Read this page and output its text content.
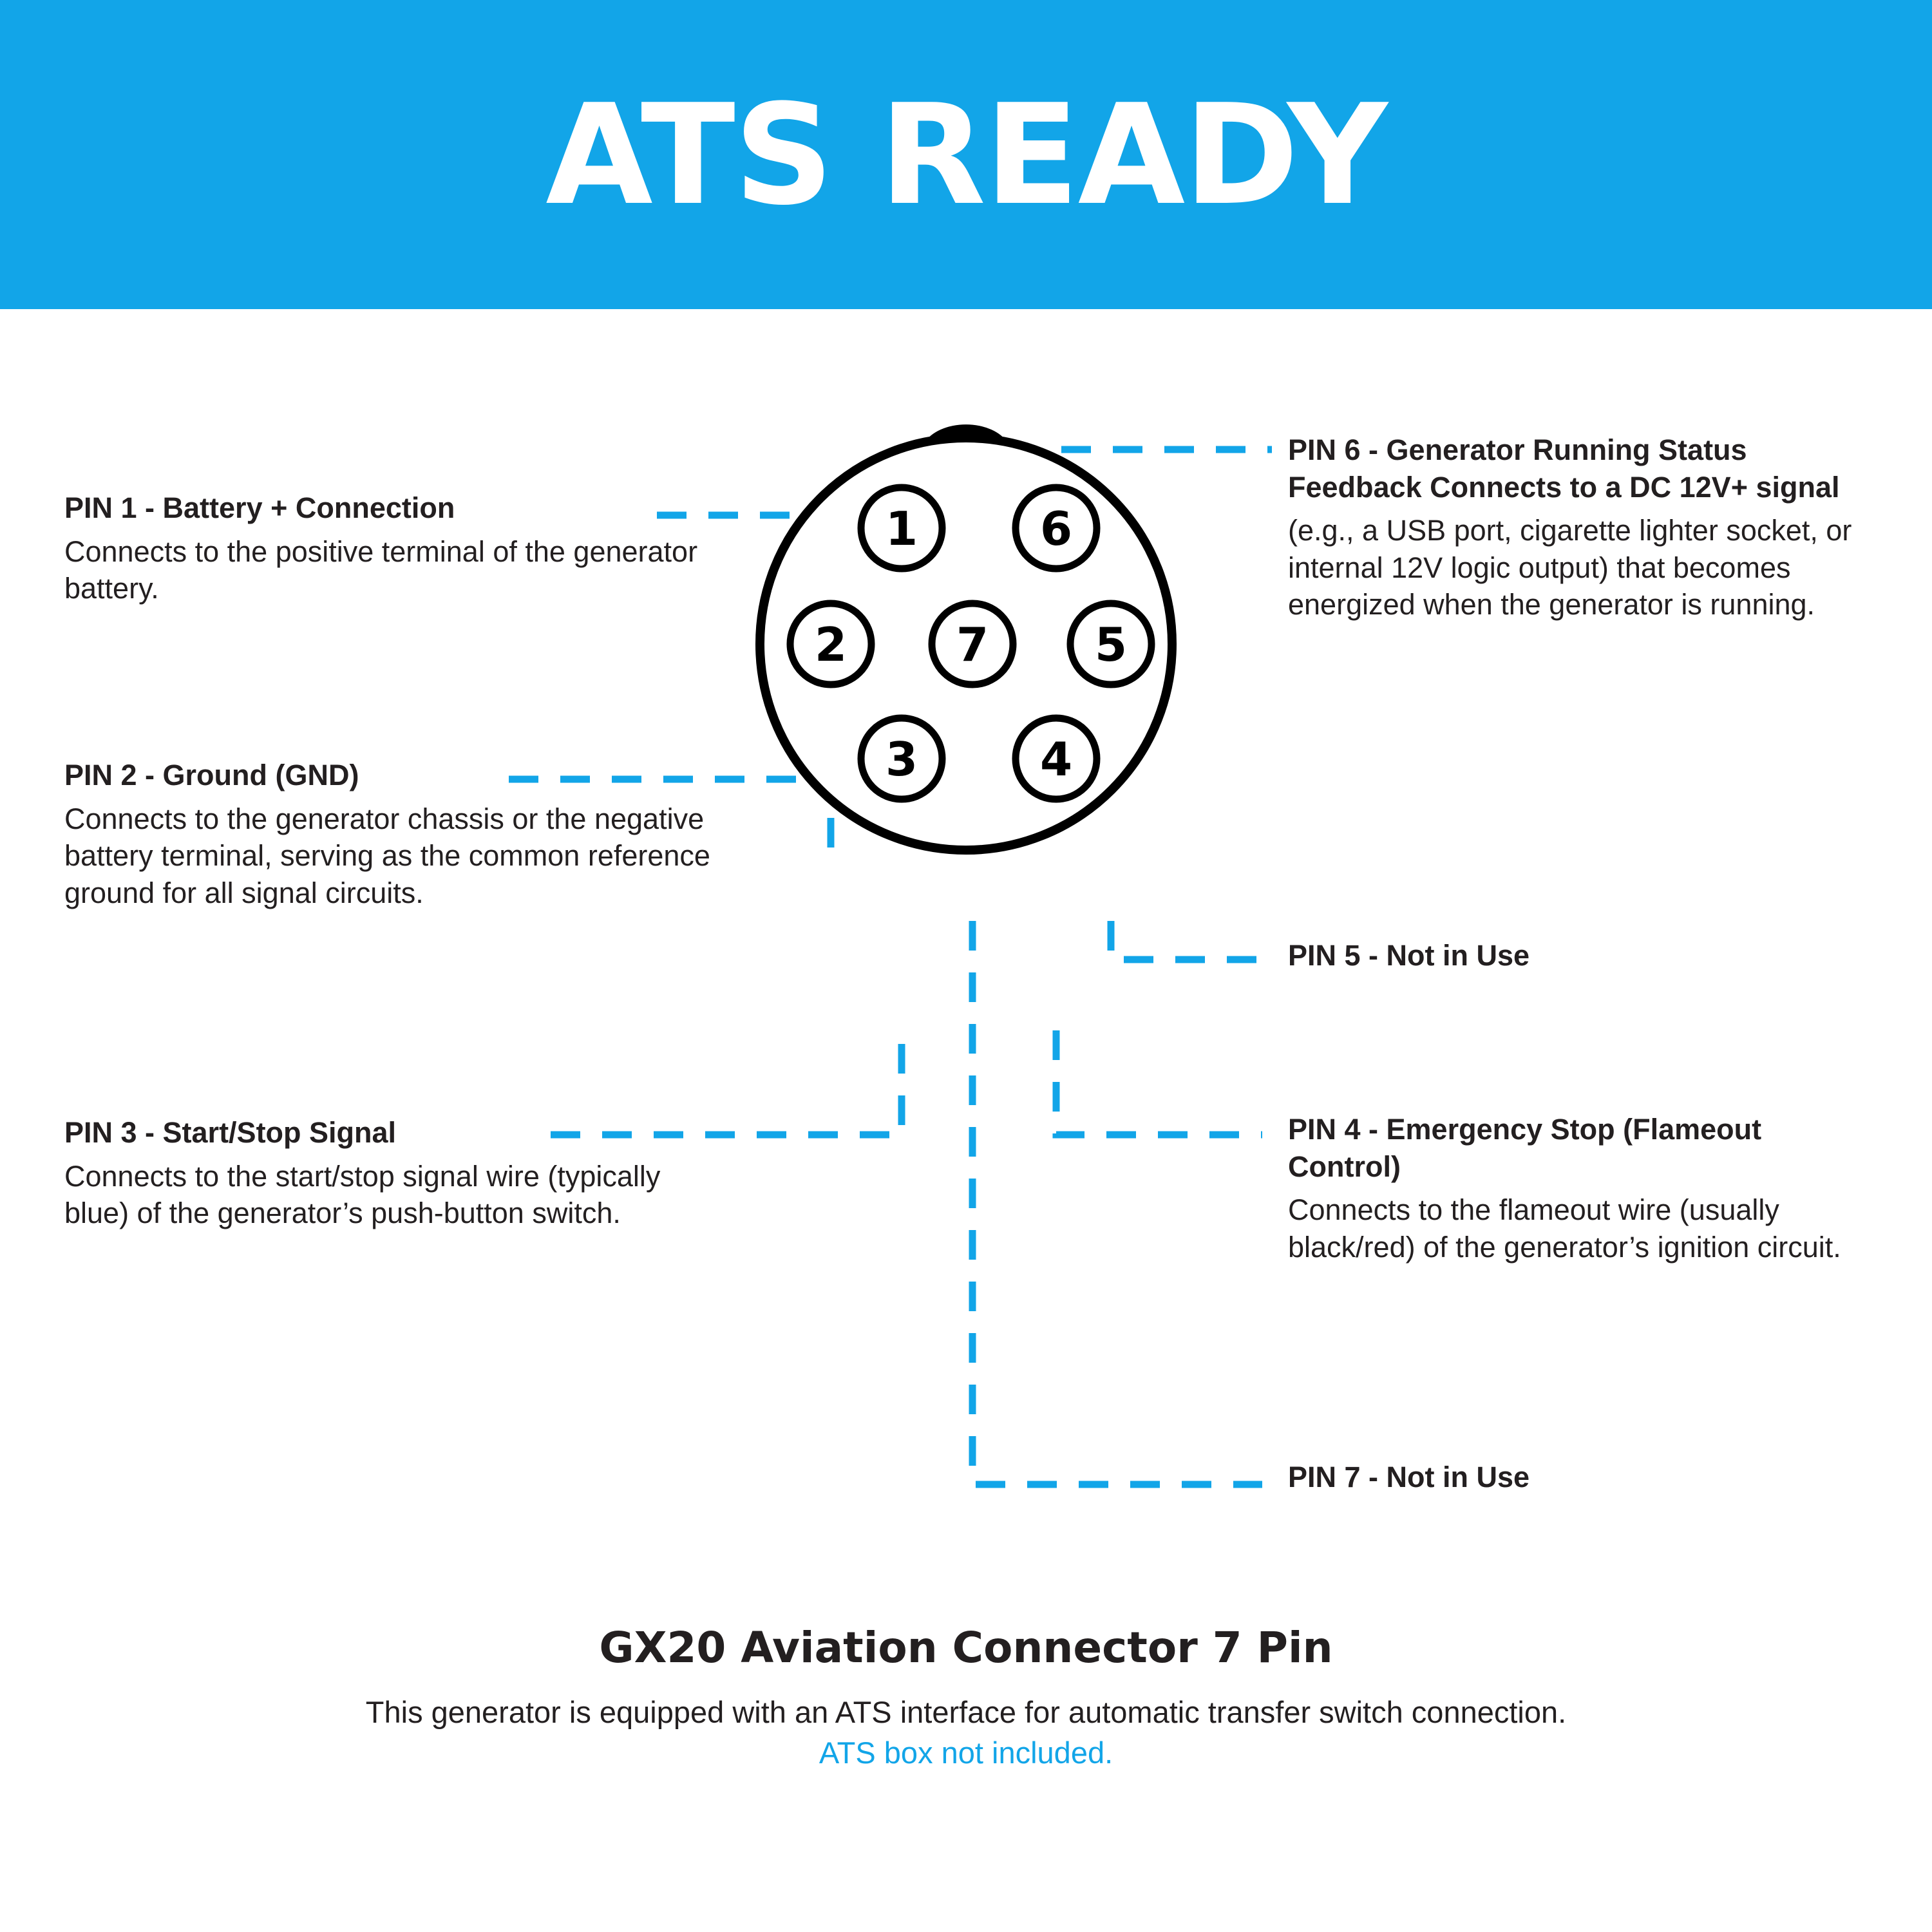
ATS READY
1	6
2 7 5
3	4

PIN 1 - Battery + Connection

Connects to the positive terminal of the generator battery.

PIN 2 - Ground (GND)

Connects to the generator chassis or the negative battery terminal, serving as the common reference ground for all signal circuits.

PIN 3 - Start/Stop Signal

Connects to the start/stop signal wire (typically blue) of the generator’s push-button switch.

PIN 6 - Generator Running Status Feedback Connects to a DC 12V+ signal

(e.g., a USB port, cigarette lighter socket, or internal 12V logic output) that becomes energized when the generator is running.

PIN 5 - Not in Use

PIN 4 - Emergency Stop (Flameout Control)

Connects to the flameout wire (usually black/red) of the generator’s ignition circuit.

PIN 7 - Not in Use

GX20 Aviation Connector 7 Pin

This generator is equipped with an ATS interface for automatic transfer switch connection.

ATS box not included.
